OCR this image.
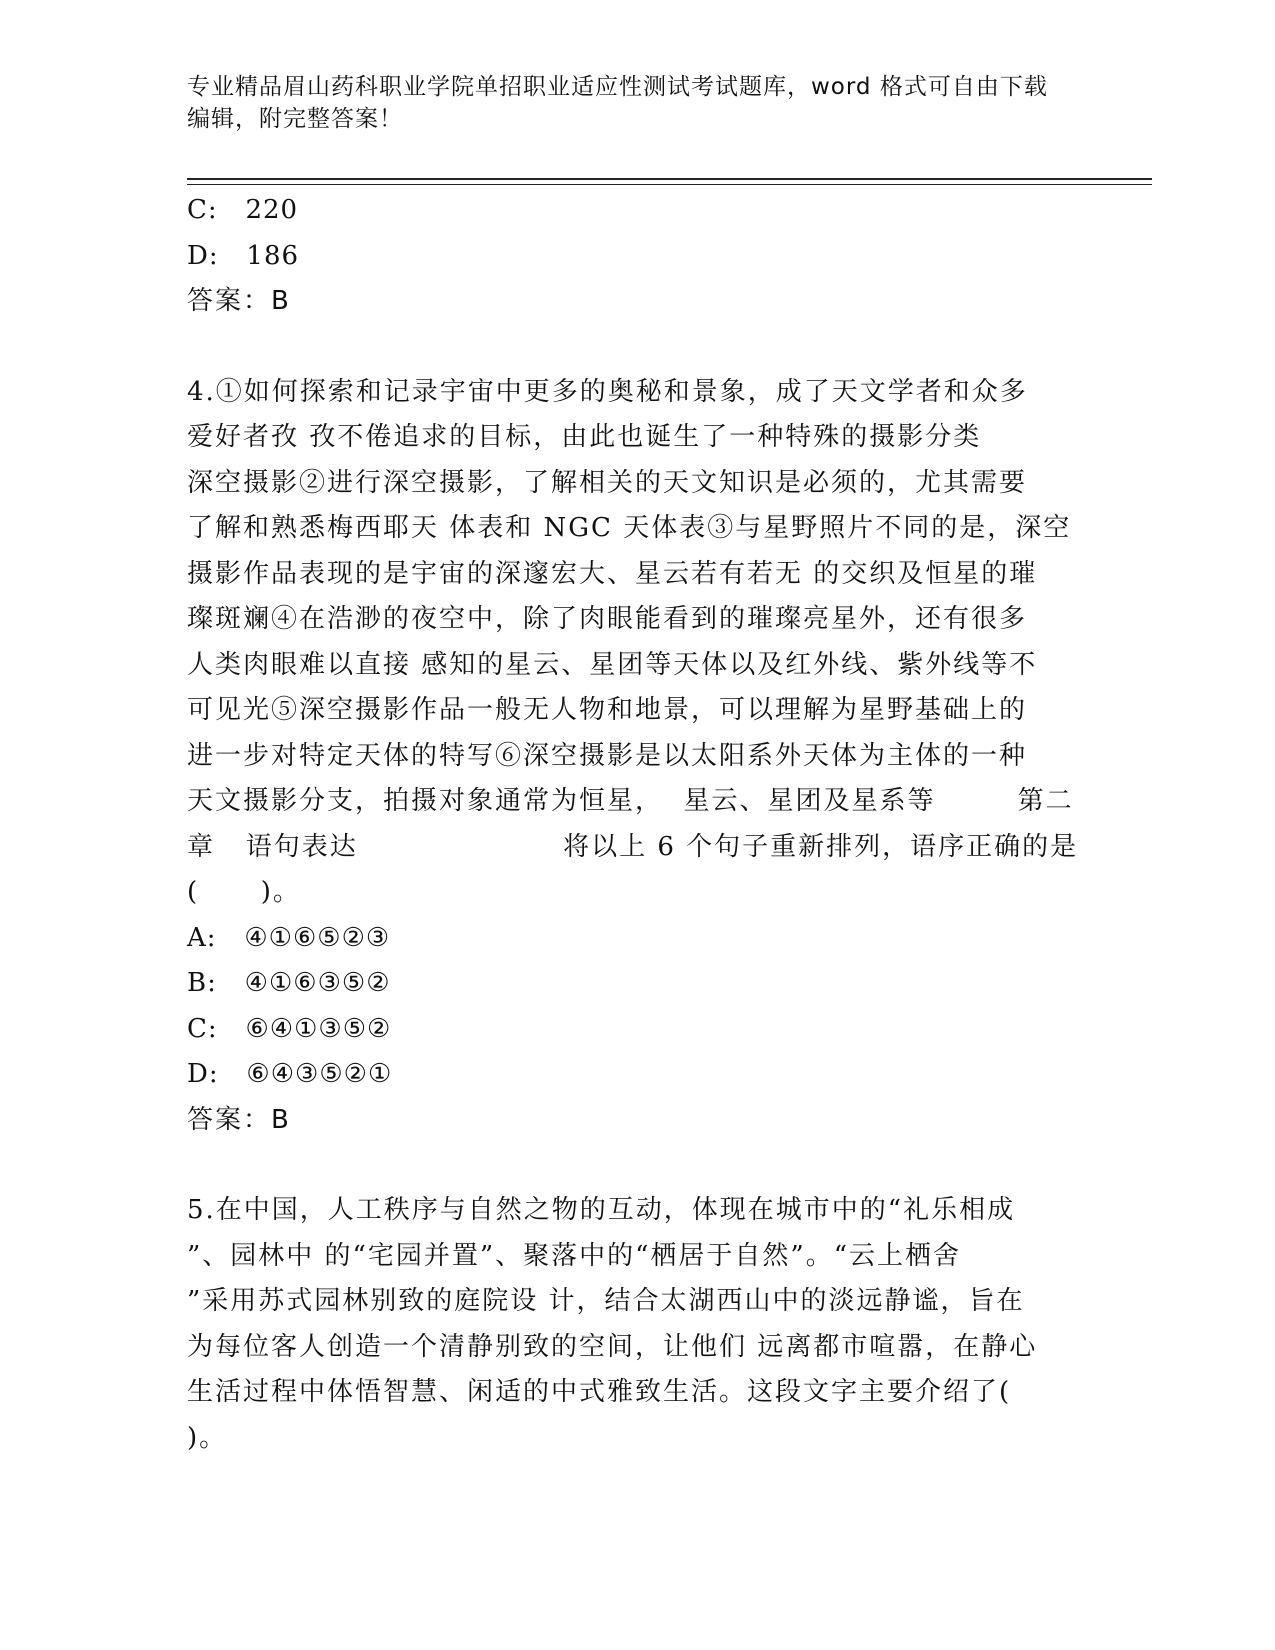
专业精品眉山药科职业学院单招职业适应性测试考试题库，word 格式可自由下载编辑，附完整答案！

C: 220

D: 186

答案：B

4.①如何探索和记录宇宙中更多的奥秘和景象，成了天文学者和众多

爱好者孜 孜不倦追求的目标，由此也诞生了一种特殊的摄影分类

深空摄影②进行深空摄影，了解相关的天文知识是必须的，尤其需要

了解和熟悉梅西耶天 体表和 NGC 天体表③与星野照片不同的是，深空

摄影作品表现的是宇宙的深邃宏大、星云若有若无 的交织及恒星的璀

璨斑斓④在浩渺的夜空中，除了肉眼能看到的璀璨亮星外，还有很多

人类肉眼难以直接 感知的星云、星团等天体以及红外线、紫外线等不

可见光⑤深空摄影作品一般无人物和地景，可以理解为星野基础上的

进一步对特定天体的特写⑥深空摄影是以太阳系外天体为主体的一种

天文摄影分支，拍摄对象通常为恒星，  星云、星团及星系等        第二

章   语句表达                    将以上 6 个句子重新排列，语序正确的是

(      )。

A: ④①⑥⑤②③

B: ④①⑥③⑤②

C: ⑥④①③⑤②

D: ⑥④③⑤②①

答案：B

5.在中国，人工秩序与自然之物的互动，体现在城市中的“礼乐相成

”、园林中 的“宅园并置”、聚落中的“栖居于自然”。“云上栖舍

”采用苏式园林别致的庭院设 计，结合太湖西山中的淡远静谧，旨在

为每位客人创造一个清静别致的空间，让他们 远离都市喧嚣，在静心

生活过程中体悟智慧、闲适的中式雅致生活。这段文字主要介绍了(

)。
